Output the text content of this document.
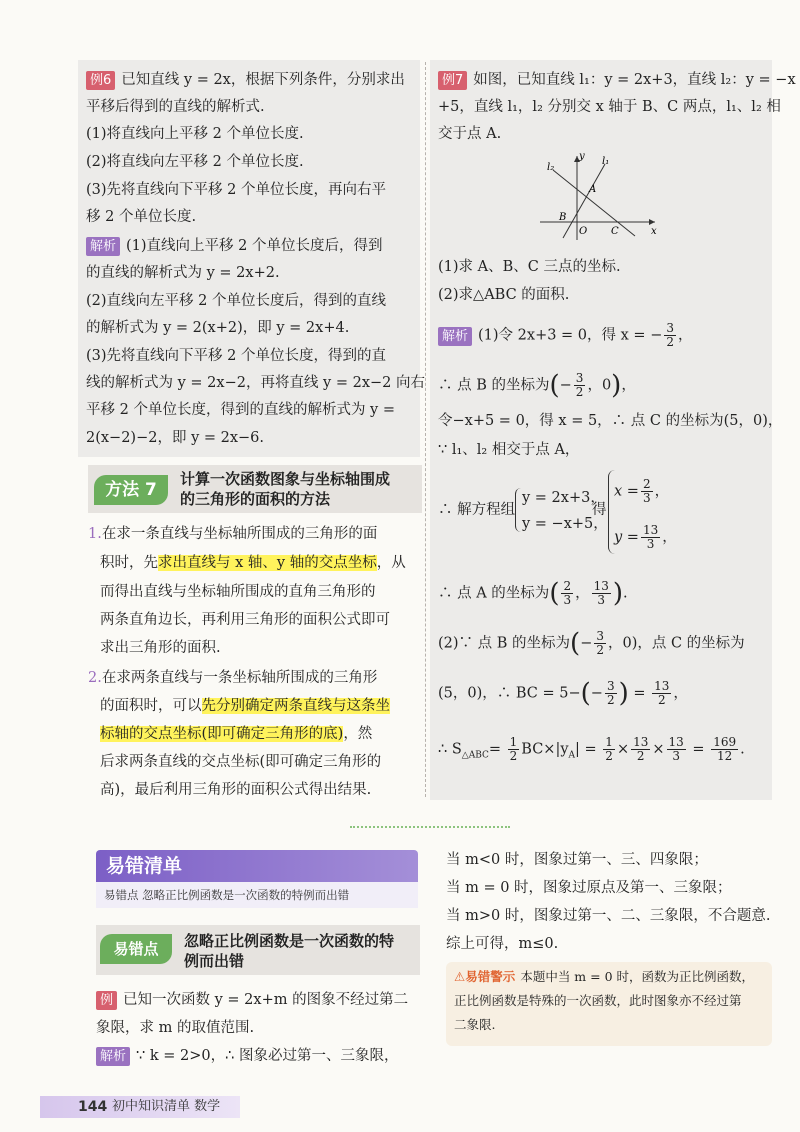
例6 已知直线 y = 2x，根据下列条件，分别求出
平移后得到的直线的解析式.
(1)将直线向上平移 2 个单位长度.
(2)将直线向左平移 2 个单位长度.
(3)先将直线向下平移 2 个单位长度，再向右平
移 2 个单位长度.
解析 (1)直线向上平移 2 个单位长度后，得到
的直线的解析式为 y = 2x+2.
(2)直线向左平移 2 个单位长度后，得到的直线
的解析式为 y = 2(x+2)，即 y = 2x+4.
(3)先将直线向下平移 2 个单位长度，得到的直
线的解析式为 y = 2x−2，再将直线 y = 2x−2 向右
平移 2 个单位长度，得到的直线的解析式为 y =
2(x−2)−2，即 y = 2x−6.
方法 7
计算一次函数图象与坐标轴围成
的三角形的面积的方法
1.在求一条直线与坐标轴所围成的三角形的面
积时，先求出直线与 x 轴、y 轴的交点坐标，从
而得出直线与坐标轴所围成的直角三角形的
两条直角边长，再利用三角形的面积公式即可
求出三角形的面积.
2.在求两条直线与一条坐标轴所围成的三角形
的面积时，可以先分别确定两条直线与这条坐
标轴的交点坐标(即可确定三角形的底)，然
后求两条直线的交点坐标(即可确定三角形的
高)，最后利用三角形的面积公式得出结果.
例7 如图，已知直线 l₁：y = 2x+3，直线 l₂：y = −x
+5，直线 l₁，l₂ 分别交 x 轴于 B、C 两点，l₁、l₂ 相
交于点 A.
y
x
l₁
l₂
A
B
O C
(1)求 A、B、C 三点的坐标.
(2)求△ABC 的面积.
解析 (1)令 2x+3 = 0，得 x = − $\frac{3}{2}$ ，
∴ 点 B 的坐标为(− $\frac{3}{2}$ ，0)，
令−x+5 = 0，得 x = 5，∴ 点 C 的坐标为(5，0)，
∵ l₁、l₂ 相交于点 A，
∴ 解方程组
y = 2x+3，
y = −x+5，
得
$x = \frac{2}{3}$ ，
$y = \frac{13}{3}$ ，
∴ 点 A 的坐标为( $\frac{2}{3}$ ， $\frac{13}{3}$ ).
(2)∵ 点 B 的坐标为(− $\frac{3}{2}$ ，0)，点 C 的坐标为
(5，0)，∴ BC = $5-(- \frac{3}{2}$ ) = $\frac{13}{2}$ ，
∴ $S_{\triangle ABC}= \frac{1}{2} BC\times|y_A| = \frac{1}{2} \times \frac{13}{2} \times \frac{13}{3} = \frac{169}{12}$ .
易错清单
易错点 忽略正比例函数是一次函数的特例而出错
易错点	忽略正比例函数是一次函数的特
例而出错
例 已知一次函数 y = 2x+m 的图象不经过第二
象限，求 m 的取值范围.
解析 ∵ k = 2>0，∴ 图象必过第一、三象限，
当 m<0 时，图象过第一、三、四象限；
当 m = 0 时，图象过原点及第一、三象限；
当 m>0 时，图象过第一、二、三象限，不合题意.
综上可得，m≤0.
⚠易错警示 本题中当 m = 0 时，函数为正比例函数，
正比例函数是特殊的一次函数，此时图象亦不经过第
二象限.
144 初中知识清单 数学
